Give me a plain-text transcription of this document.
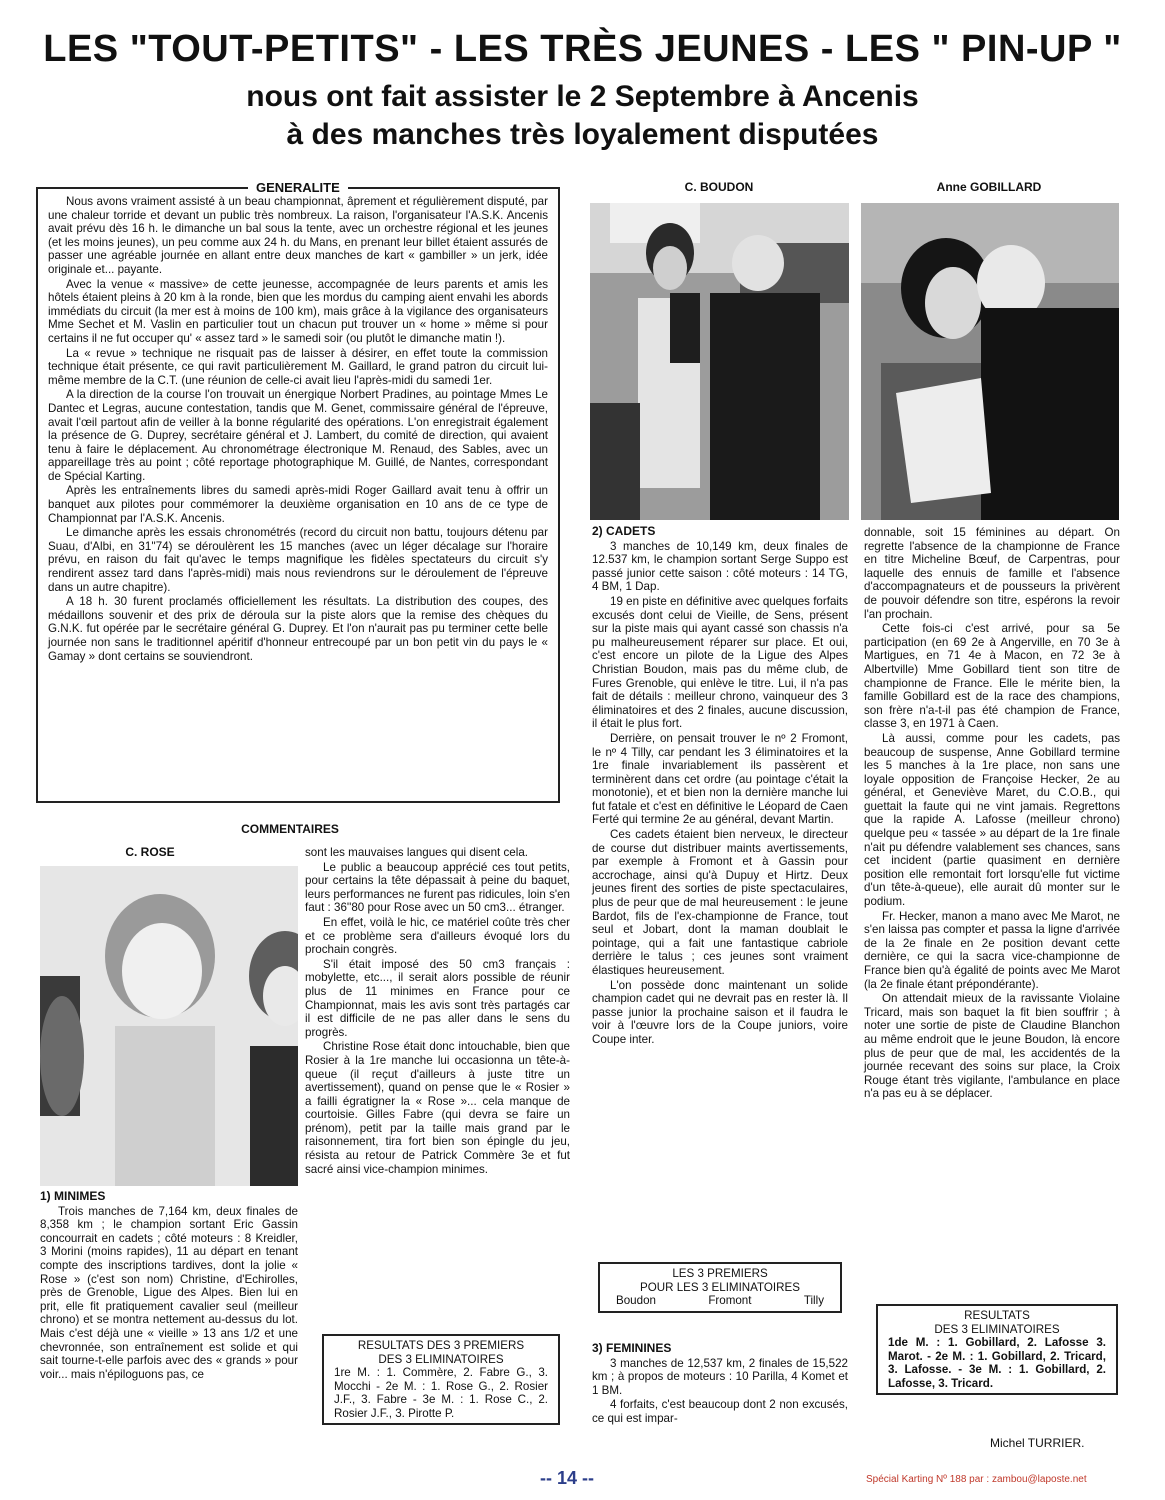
LES "TOUT-PETITS" - LES TRÈS JEUNES - LES " PIN-UP "
nous ont fait assister le 2 Septembre à Ancenis
à des manches très loyalement disputées
GENERALITE

Nous avons vraiment assisté à un beau championnat, âprement et régulièrement disputé, par une chaleur torride et devant un public très nombreux. La raison, l'organisateur l'A.S.K. Ancenis avait prévu dès 16 h. le dimanche un bal sous la tente, avec un orchestre régional et les jeunes (et les moins jeunes), un peu comme aux 24 h. du Mans, en prenant leur billet étaient assurés de passer une agréable journée en allant entre deux manches de kart « gambiller » un jerk, idée originale et... payante.

Avec la venue « massive» de cette jeunesse, accompagnée de leurs parents et amis les hôtels étaient pleins à 20 km à la ronde, bien que les mordus du camping aient envahi les abords immédiats du circuit (la mer est à moins de 100 km), mais grâce à la vigilance des organisateurs Mme Sechet et M. Vaslin en particulier tout un chacun put trouver un « home » même si pour certains il ne fut occuper qu' « assez tard » le samedi soir (ou plutôt le dimanche matin !).

La « revue » technique ne risquait pas de laisser à désirer, en effet toute la commission technique était présente, ce qui ravit particulièrement M. Gaillard, le grand patron du circuit lui-même membre de la C.T. (une réunion de celle-ci avait lieu l'après-midi du samedi 1er.

A la direction de la course l'on trouvait un énergique Norbert Pradines, au pointage Mmes Le Dantec et Legras, aucune contestation, tandis que M. Genet, commissaire général de l'épreuve, avait l'œil partout afin de veiller à la bonne régularité des opérations. L'on enregistrait également la présence de G. Duprey, secrétaire général et J. Lambert, du comité de direction, qui avaient tenu à faire le déplacement. Au chronométrage électronique M. Renaud, des Sables, avec un appareillage très au point ; côté reportage photographique M. Guillé, de Nantes, correspondant de Spécial Karting.

Après les entraînements libres du samedi après-midi Roger Gaillard avait tenu à offrir un banquet aux pilotes pour commémorer la deuxième organisation en 10 ans de ce type de Championnat par l'A.S.K. Ancenis.

Le dimanche après les essais chronométrés (record du circuit non battu, toujours détenu par Suau, d'Albi, en 31''74) se déroulèrent les 15 manches (avec un léger décalage sur l'horaire prévu, en raison du fait qu'avec le temps magnifique les fidèles spectateurs du circuit s'y rendirent assez tard dans l'après-midi) mais nous reviendrons sur le déroulement de l'épreuve dans un autre chapitre).

A 18 h. 30 furent proclamés officiellement les résultats. La distribution des coupes, des médaillons souvenir et des prix de déroula sur la piste alors que la remise des chèques du G.N.K. fut opérée par le secrétaire général G. Duprey. Et l'on n'aurait pas pu terminer cette belle journée non sans le traditionnel apéritif d'honneur entrecoupé par un bon petit vin du pays le « Gamay » dont certains se souviendront.

C. BOUDON	Anne GOBILLARD
COMMENTAIRES
C. ROSE

1) MINIMES

Trois manches de 7,164 km, deux finales de 8,358 km ; le champion sortant Eric Gassin concourrait en cadets ; côté moteurs : 8 Kreidler, 3 Morini (moins rapides), 11 au départ en tenant compte des inscriptions tardives, dont la jolie « Rose » (c'est son nom) Christine, d'Echirolles, près de Grenoble, Ligue des Alpes. Bien lui en prit, elle fit pratiquement cavalier seul (meilleur chrono) et se montra nettement au-dessus du lot. Mais c'est déjà une « vieille » 13 ans 1/2 et une chevronnée, son entraînement est solide et qui sait tourne-t-elle parfois avec des « grands » pour voir... mais n'épiloguons pas, ce

sont les mauvaises langues qui disent cela.

Le public a beaucoup apprécié ces tout petits, pour certains la tête dépassait à peine du baquet, leurs performances ne furent pas ridicules, loin s'en faut : 36''80 pour Rose avec un 50 cm3... étranger.

En effet, voilà le hic, ce matériel coûte très cher et ce problème sera d'ailleurs évoqué lors du prochain congrès.

S'il était imposé des 50 cm3 français : mobylette, etc..., il serait alors possible de réunir plus de 11 minimes en France pour ce Championnat, mais les avis sont très partagés car il est difficile de ne pas aller dans le sens du progrès.

Christine Rose était donc intouchable, bien que Rosier à la 1re manche lui occasionna un tête-à-queue (il reçut d'ailleurs à juste titre un avertissement), quand on pense que le « Rosier » a failli égratigner la « Rose »... cela manque de courtoisie. Gilles Fabre (qui devra se faire un prénom), petit par la taille mais grand par le raisonnement, tira fort bien son épingle du jeu, résista au retour de Patrick Commère 3e et fut sacré ainsi vice-champion minimes.

RESULTATS DES 3 PREMIERS
DES 3 ELIMINATOIRES
1re M. : 1. Commère, 2. Fabre G., 3. Mocchi - 2e M. : 1. Rose G., 2. Rosier J.F., 3. Fabre - 3e M. : 1. Rose C., 2. Rosier J.F., 3. Pirotte P.

2) CADETS

3 manches de 10,149 km, deux finales de 12.537 km, le champion sortant Serge Suppo est passé junior cette saison : côté moteurs : 14 TG, 4 BM, 1 Dap.

19 en piste en définitive avec quelques forfaits excusés dont celui de Vieille, de Sens, présent sur la piste mais qui ayant cassé son chassis n'a pu malheureusement réparer sur place. Et oui, c'est encore un pilote de la Ligue des Alpes Christian Boudon, mais pas du même club, de Fures Grenoble, qui enlève le titre. Lui, il n'a pas fait de détails : meilleur chrono, vainqueur des 3 éliminatoires et des 2 finales, aucune discussion, il était le plus fort.

Derrière, on pensait trouver le nº 2 Fromont, le nº 4 Tilly, car pendant les 3 éliminatoires et la 1re finale invariablement ils passèrent et terminèrent dans cet ordre (au pointage c'était la monotonie), et et bien non la dernière manche lui fut fatale et c'est en définitive le Léopard de Caen Ferté qui termine 2e au général, devant Martin.

Ces cadets étaient bien nerveux, le directeur de course dut distribuer maints avertissements, par exemple à Fromont et à Gassin pour accrochage, ainsi qu'à Dupuy et Hirtz. Deux jeunes firent des sorties de piste spectaculaires, plus de peur que de mal heureusement : le jeune Bardot, fils de l'ex-championne de France, tout seul et Jobart, dont la maman doublait le pointage, qui a fait une fantastique cabriole derrière le talus ; ces jeunes sont vraiment élastiques heureusement.

L'on possède donc maintenant un solide champion cadet qui ne devrait pas en rester là. Il passe junior la prochaine saison et il faudra le voir à l'œuvre lors de la Coupe juniors, voire Coupe inter.

LES 3 PREMIERS
POUR LES 3 ELIMINATOIRES
Boudon	Fromont	Tilly

3) FEMININES

3 manches de 12,537 km, 2 finales de 15,522 km ; à propos de moteurs : 10 Parilla, 4 Komet et 1 BM.

4 forfaits, c'est beaucoup dont 2 non excusés, ce qui est impar-

donnable, soit 15 féminines au départ. On regrette l'absence de la championne de France en titre Micheline Bœuf, de Carpentras, pour laquelle des ennuis de famille et l'absence d'accompagnateurs et de pousseurs la privèrent de pouvoir défendre son titre, espérons la revoir l'an prochain.

Cette fois-ci c'est arrivé, pour sa 5e participation (en 69 2e à Angerville, en 70 3e à Martigues, en 71 4e à Macon, en 72 3e à Albertville) Mme Gobillard tient son titre de championne de France. Elle le mérite bien, la famille Gobillard est de la race des champions, son frère n'a-t-il pas été champion de France, classe 3, en 1971 à Caen.

Là aussi, comme pour les cadets, pas beaucoup de suspense, Anne Gobillard termine les 5 manches à la 1re place, non sans une loyale opposition de Françoise Hecker, 2e au général, et Geneviève Maret, du C.O.B., qui guettait la faute qui ne vint jamais. Regrettons que la rapide A. Lafosse (meilleur chrono) quelque peu « tassée » au départ de la 1re finale n'ait pu défendre valablement ses chances, sans cet incident (partie quasiment en dernière position elle remontait fort lorsqu'elle fut victime d'un tête-à-queue), elle aurait dû monter sur le podium.

Fr. Hecker, manon a mano avec Me Marot, ne s'en laissa pas compter et passa la ligne d'arrivée de la 2e finale en 2e position devant cette dernière, ce qui la sacra vice-championne de France bien qu'à égalité de points avec Me Marot (la 2e finale étant prépondérante).

On attendait mieux de la ravissante Violaine Tricard, mais son baquet la fit bien souffrir ; à noter une sortie de piste de Claudine Blanchon au même endroit que le jeune Boudon, là encore plus de peur que de mal, les accidentés de la journée recevant des soins sur place, la Croix Rouge étant très vigilante, l'ambulance en place n'a pas eu à se déplacer.

RESULTATS
DES 3 ELIMINATOIRES
1de M. : 1. Gobillard, 2. Lafosse 3. Marot. - 2e M. : 1. Gobillard, 2. Tricard, 3. Lafosse. - 3e M. : 1. Gobillard, 2. Lafosse, 3. Tricard.
Michel TURRIER.
-- 14 --	Spécial Karting Nº 188 par : zambou@laposte.net
